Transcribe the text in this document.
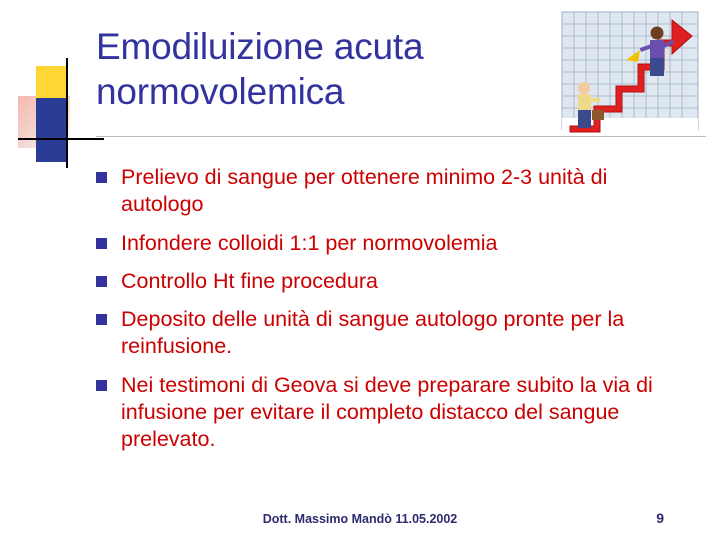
Emodiluizione acuta normovolemica
Prelievo di sangue per ottenere minimo 2-3 unità di autologo
Infondere colloidi 1:1 per normovolemia
Controllo Ht fine procedura
Deposito delle unità di sangue autologo pronte per la reinfusione.
Nei testimoni di Geova si deve preparare subito la via di infusione per evitare il completo distacco del sangue prelevato.
Dott. Massimo Mandò 11.05.2002	9
